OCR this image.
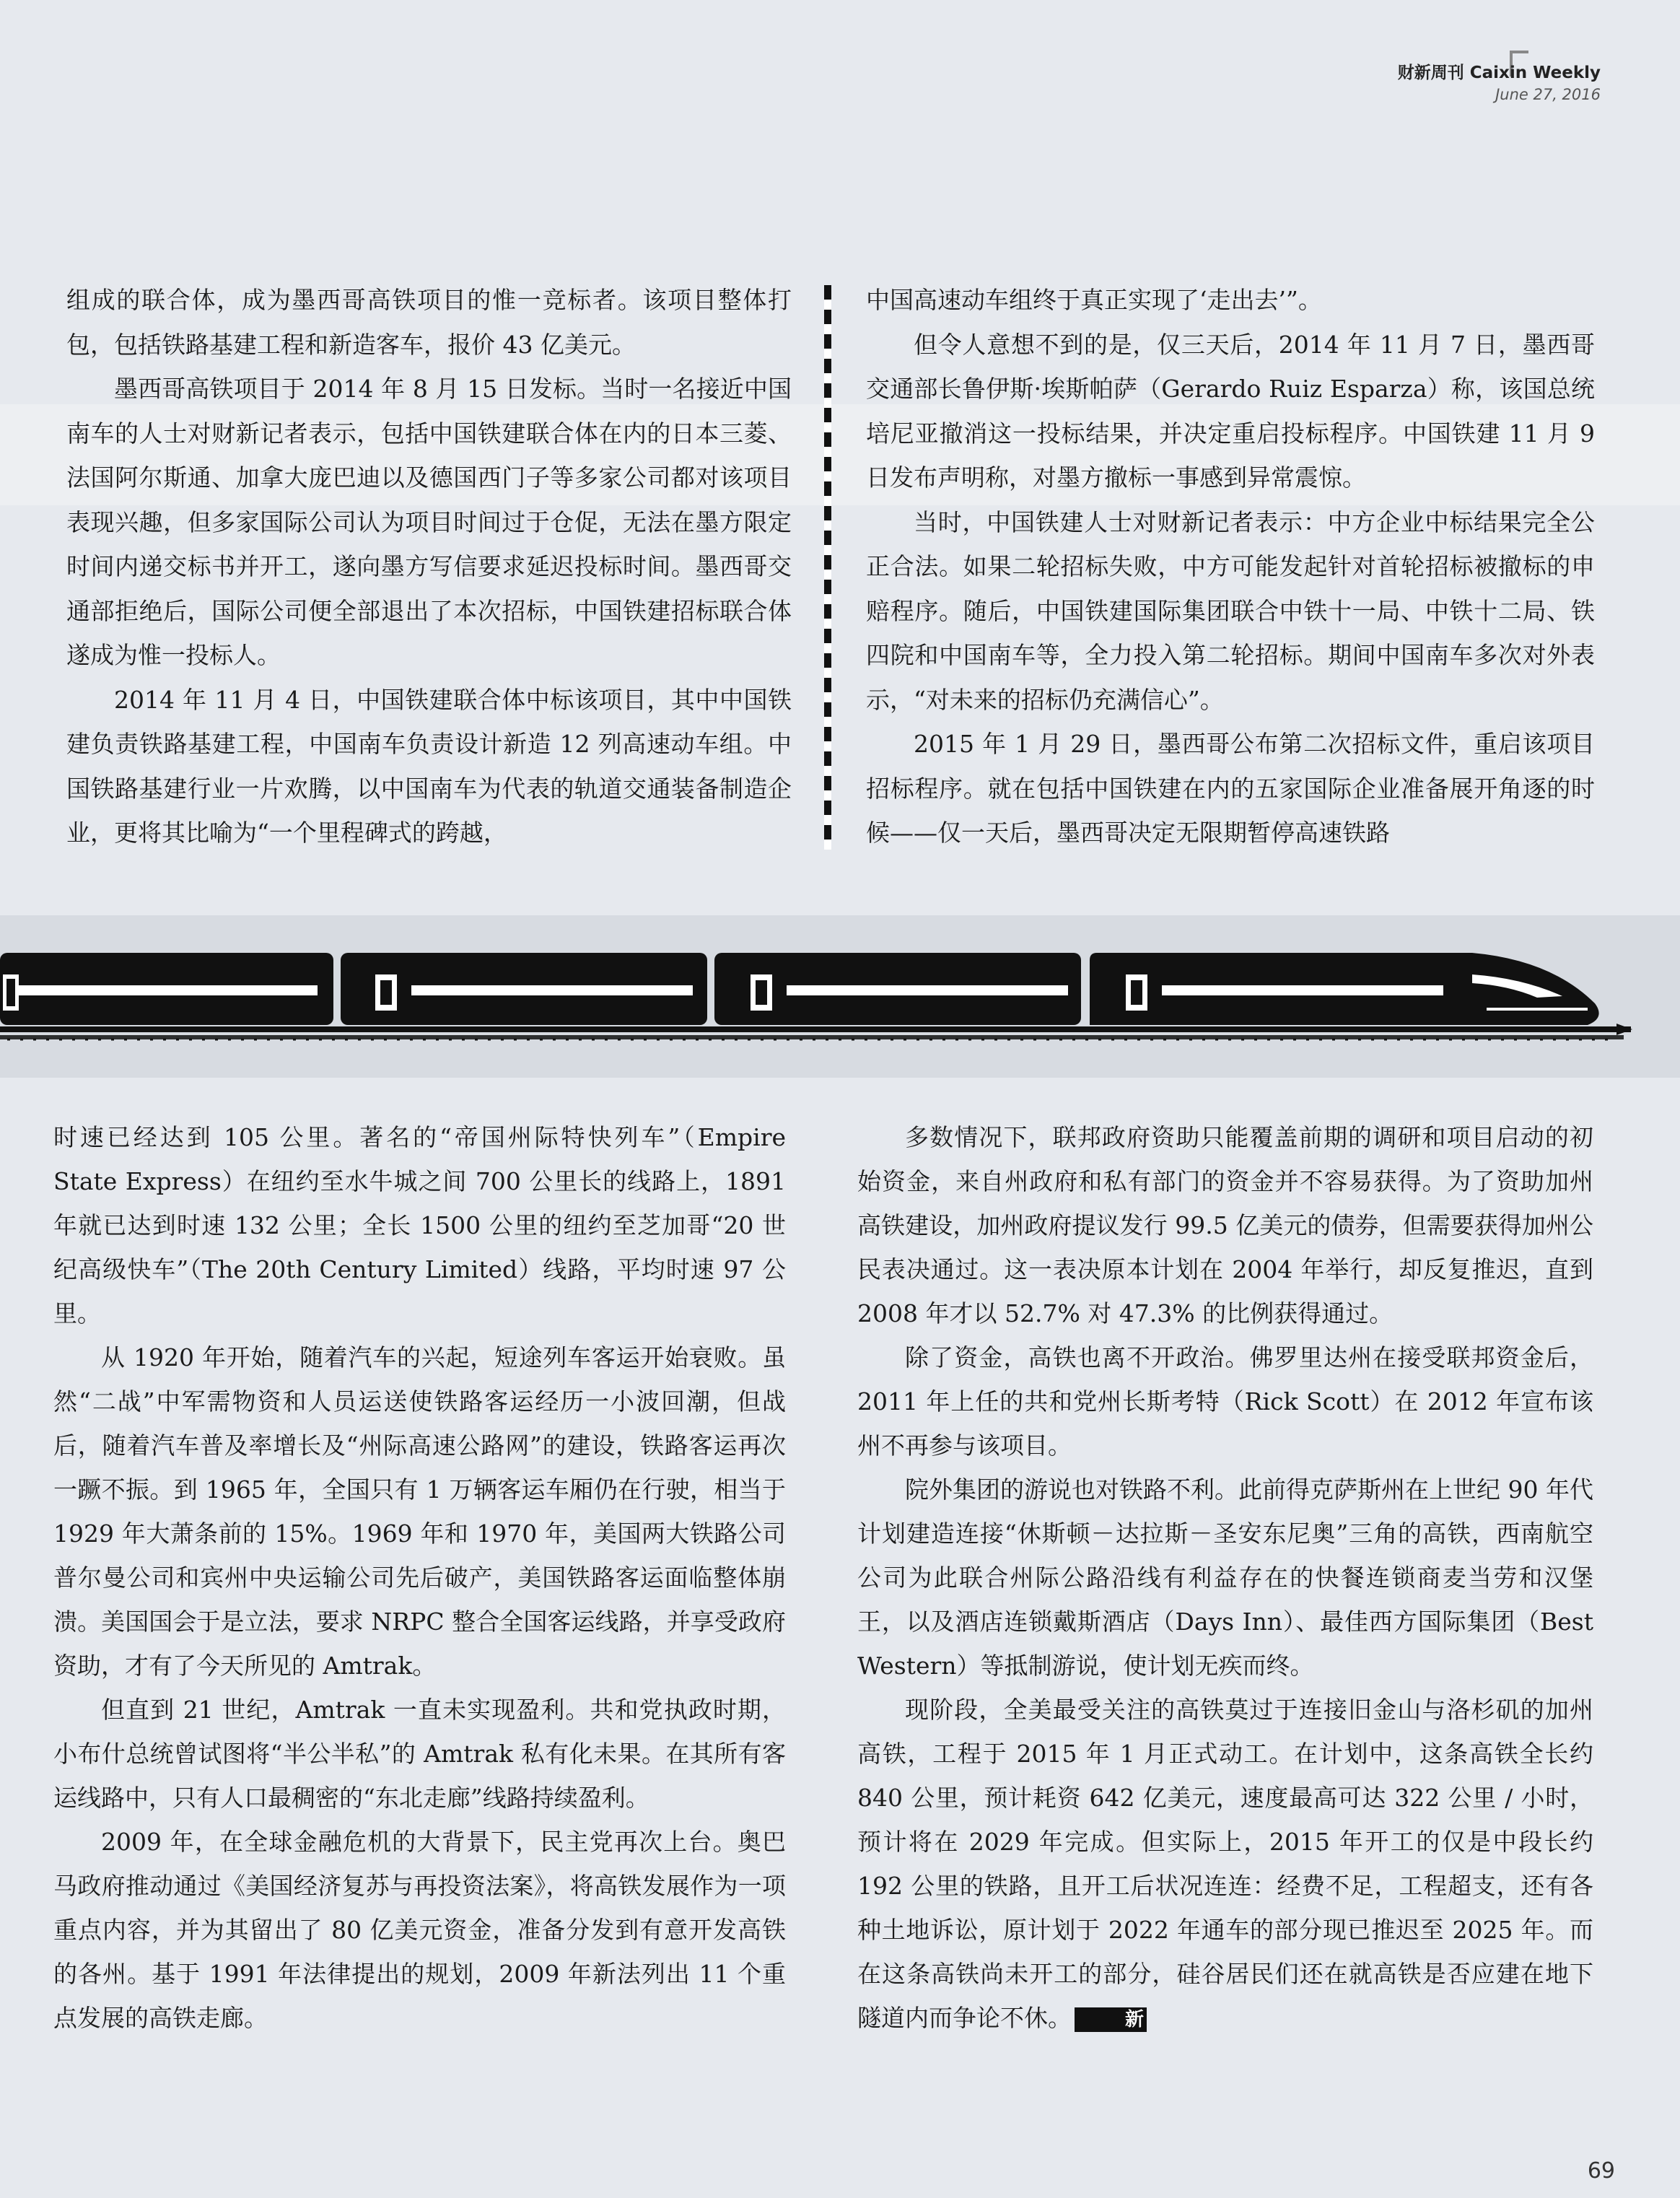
财新周刊 Caixin Weekly
June 27, 2016

组成的联合体，成为墨西哥高铁项目的惟一竞标者。该项目整体打包，包括铁路基建工程和新造客车，报价 43 亿美元。

墨西哥高铁项目于 2014 年 8 月 15 日发标。当时一名接近中国南车的人士对财新记者表示，包括中国铁建联合体在内的日本三菱、法国阿尔斯通、加拿大庞巴迪以及德国西门子等多家公司都对该项目表现兴趣，但多家国际公司认为项目时间过于仓促，无法在墨方限定时间内递交标书并开工，遂向墨方写信要求延迟投标时间。墨西哥交通部拒绝后，国际公司便全部退出了本次招标，中国铁建招标联合体遂成为惟一投标人。

2014 年 11 月 4 日，中国铁建联合体中标该项目，其中中国铁建负责铁路基建工程，中国南车负责设计新造 12 列高速动车组。中国铁路基建行业一片欢腾，以中国南车为代表的轨道交通装备制造企业，更将其比喻为“一个里程碑式的跨越，

中国高速动车组终于真正实现了‘走出去’”。

但令人意想不到的是，仅三天后，2014 年 11 月 7 日，墨西哥交通部长鲁伊斯·埃斯帕萨（Gerardo Ruiz Esparza）称，该国总统培尼亚撤消这一投标结果，并决定重启投标程序。中国铁建 11 月 9 日发布声明称，对墨方撤标一事感到异常震惊。

当时，中国铁建人士对财新记者表示：中方企业中标结果完全公正合法。如果二轮招标失败，中方可能发起针对首轮招标被撤标的申赔程序。随后，中国铁建国际集团联合中铁十一局、中铁十二局、铁四院和中国南车等，全力投入第二轮招标。期间中国南车多次对外表示，“对未来的招标仍充满信心”。

2015 年 1 月 29 日，墨西哥公布第二次招标文件，重启该项目招标程序。就在包括中国铁建在内的五家国际企业准备展开角逐的时候——仅一天后，墨西哥决定无限期暂停高速铁路

时速已经达到 105 公里。著名的“帝国州际特快列车”（Empire State Express）在纽约至水牛城之间 700 公里长的线路上，1891 年就已达到时速 132 公里；全长 1500 公里的纽约至芝加哥“20 世纪高级快车”（The 20th Century Limited）线路，平均时速 97 公里。

从 1920 年开始，随着汽车的兴起，短途列车客运开始衰败。虽然“二战”中军需物资和人员运送使铁路客运经历一小波回潮，但战后，随着汽车普及率增长及“州际高速公路网”的建设，铁路客运再次一蹶不振。到 1965 年，全国只有 1 万辆客运车厢仍在行驶，相当于 1929 年大萧条前的 15%。1969 年和 1970 年，美国两大铁路公司普尔曼公司和宾州中央运输公司先后破产，美国铁路客运面临整体崩溃。美国国会于是立法，要求 NRPC 整合全国客运线路，并享受政府资助，才有了今天所见的 Amtrak。

但直到 21 世纪，Amtrak 一直未实现盈利。共和党执政时期，小布什总统曾试图将“半公半私”的 Amtrak 私有化未果。在其所有客运线路中，只有人口最稠密的“东北走廊”线路持续盈利。

2009 年，在全球金融危机的大背景下，民主党再次上台。奥巴马政府推动通过《美国经济复苏与再投资法案》，将高铁发展作为一项重点内容，并为其留出了 80 亿美元资金，准备分发到有意开发高铁的各州。基于 1991 年法律提出的规划，2009 年新法列出 11 个重点发展的高铁走廊。

多数情况下，联邦政府资助只能覆盖前期的调研和项目启动的初始资金，来自州政府和私有部门的资金并不容易获得。为了资助加州高铁建设，加州政府提议发行 99.5 亿美元的债券，但需要获得加州公民表决通过。这一表决原本计划在 2004 年举行，却反复推迟，直到 2008 年才以 52.7% 对 47.3% 的比例获得通过。

除了资金，高铁也离不开政治。佛罗里达州在接受联邦资金后，2011 年上任的共和党州长斯考特（Rick Scott）在 2012 年宣布该州不再参与该项目。

院外集团的游说也对铁路不利。此前得克萨斯州在上世纪 90 年代计划建造连接“休斯顿－达拉斯－圣安东尼奥”三角的高铁，西南航空公司为此联合州际公路沿线有利益存在的快餐连锁商麦当劳和汉堡王，以及酒店连锁戴斯酒店（Days Inn）、最佳西方国际集团（Best Western）等抵制游说，使计划无疾而终。

现阶段，全美最受关注的高铁莫过于连接旧金山与洛杉矶的加州高铁，工程于 2015 年 1 月正式动工。在计划中，这条高铁全长约 840 公里，预计耗资 642 亿美元，速度最高可达 322 公里 / 小时，预计将在 2029 年完成。但实际上，2015 年开工的仅是中段长约 192 公里的铁路，且开工后状况连连：经费不足，工程超支，还有各种土地诉讼，原计划于 2022 年通车的部分现已推迟至 2025 年。而在这条高铁尚未开工的部分，硅谷居民们还在就高铁是否应建在地下隧道内而争论不休。	新

69
